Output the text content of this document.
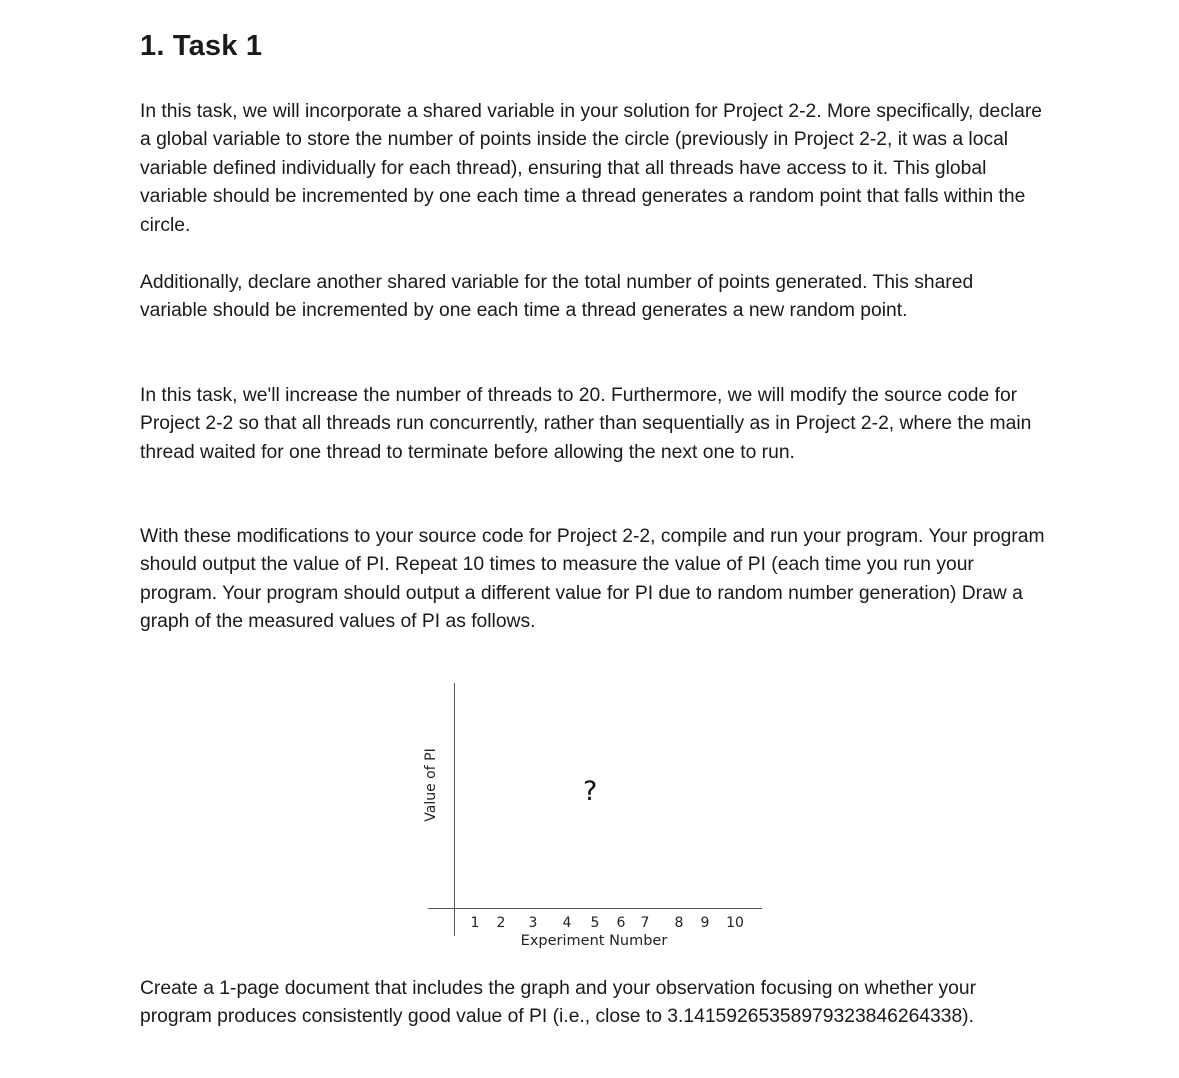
1. Task 1

In this task, we will incorporate a shared variable in your solution for Project 2-2. More specifically, declare a global variable to store the number of points inside the circle (previously in Project 2-2, it was a local variable defined individually for each thread), ensuring that all threads have access to it. This global variable should be incremented by one each time a thread generates a random point that falls within the circle.

Additionally, declare another shared variable for the total number of points generated. This shared variable should be incremented by one each time a thread generates a new random point.

In this task, we'll increase the number of threads to 20. Furthermore, we will modify the source code for Project 2-2 so that all threads run concurrently, rather than sequentially as in Project 2-2, where the main thread waited for one thread to terminate before allowing the next one to run.

With these modifications to your source code for Project 2-2, compile and run your program. Your program should output the value of PI. Repeat 10 times to measure the value of PI (each time you run your program. Your program should output a different value for PI due to random number generation) Draw a graph of the measured values of PI as follows.

Value of PI	?
1 2 3 4 5 6 7 8 9 10
Experiment Number

Create a 1-page document that includes the graph and your observation focusing on whether your program produces consistently good value of PI (i.e., close to 3.14159265358979323846264338).
